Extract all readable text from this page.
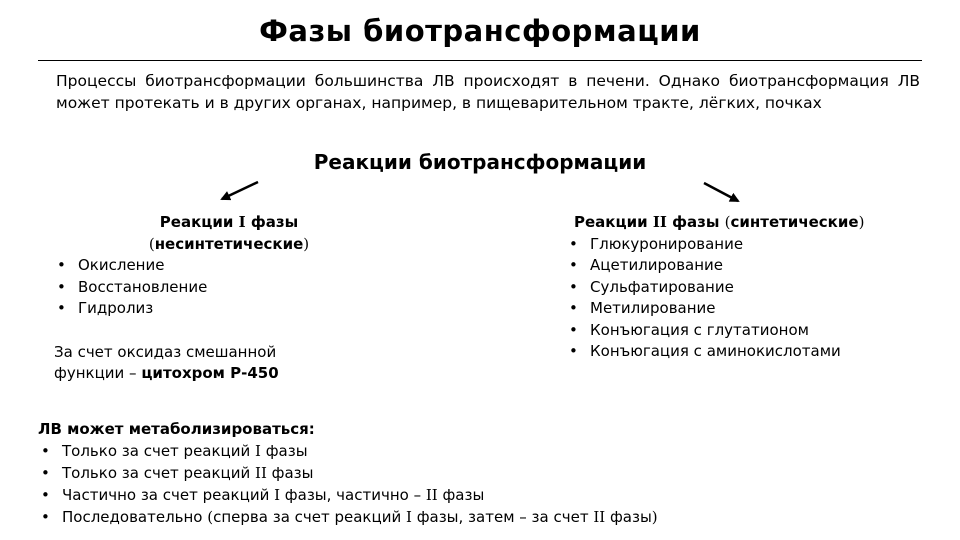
Фазы биотрансформации
Процессы биотрансформации большинства ЛВ происходят в печени. Однако биотрансформация ЛВ может протекать и в других органах, например, в пищеварительном тракте, лёгких, почках
Реакции биотрансформации
Реакции I фазы
(несинтетические)
• Окисление
• Восстановление
• Гидролиз
За счет оксидаз смешанной
функции – цитохром Р-450
Реакции II фазы (синтетические)
• Глюкуронирование
• Ацетилирование
• Сульфатирование
• Метилирование
• Конъюгация с глутатионом
• Конъюгация с аминокислотами
ЛВ может метаболизироваться:
• Только за счет реакций I фазы
• Только за счет реакций II фазы
• Частично за счет реакций I фазы, частично – II фазы
• Последовательно (сперва за счет реакций I фазы, затем – за счет II фазы)
